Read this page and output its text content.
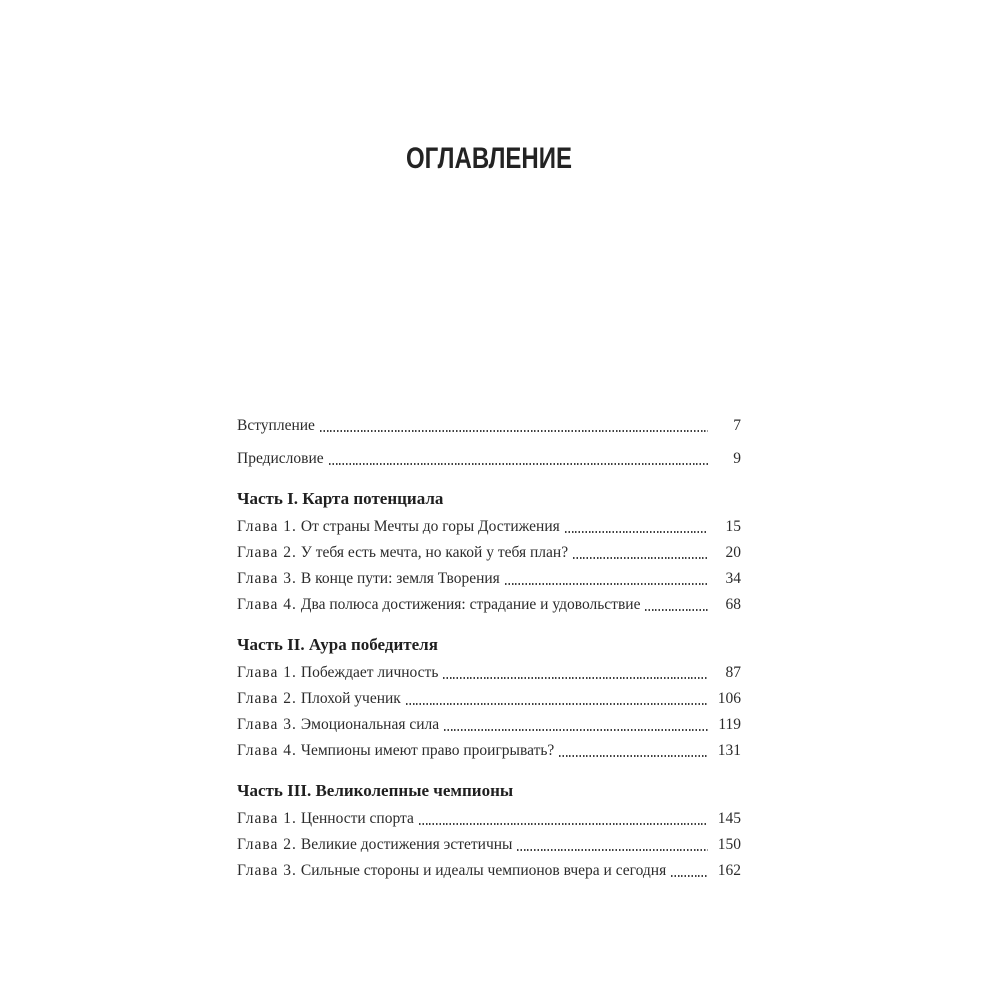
ОГЛАВЛЕНИЕ
Вступление	7
Предисловие	9
Часть I. Карта потенциала
Глава 1. От страны Мечты до горы Достижения	15
Глава 2. У тебя есть мечта, но какой у тебя план?	20
Глава 3. В конце пути: земля Творения	34
Глава 4. Два полюса достижения: страдание и удовольствие	68
Часть II. Аура победителя
Глава 1. Побеждает личность	87
Глава 2. Плохой ученик	106
Глава 3. Эмоциональная сила	119
Глава 4. Чемпионы имеют право проигрывать?	131
Часть III. Великолепные чемпионы
Глава 1. Ценности спорта	145
Глава 2. Великие достижения эстетичны	150
Глава 3. Сильные стороны и идеалы чемпионов вчера и сегодня	162
